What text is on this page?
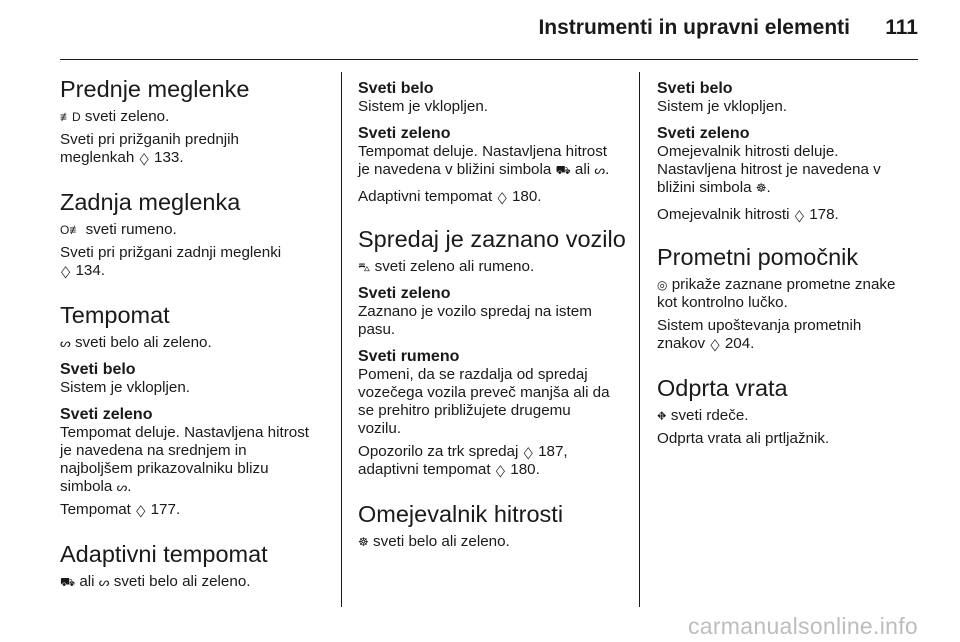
Instrumenti in upravni elementi 111
Prednje meglenke

≢D sveti zeleno.

Sveti pri prižganih prednjih
meglenkah ◇ 133.

Zadnja meglenka

O≢ sveti rumeno.

Sveti pri prižgani zadnji meglenki
◇ 134.

Tempomat

ᔕ sveti belo ali zeleno.

Sveti belo

Sistem je vklopljen.

Sveti zeleno

Tempomat deluje. Nastavljena hitrost
je navedena na srednjem in
najboljšem prikazovalniku blizu
simbola ᔕ.

Tempomat ◇ 177.

Adaptivni tempomat

⛟ ali ᔕ sveti belo ali zeleno.

Sveti belo

Sistem je vklopljen.

Sveti zeleno

Tempomat deluje. Nastavljena hitrost
je navedena v bližini simbola ⛟ ali ᔕ.

Adaptivni tempomat ◇ 180.

Spredaj je zaznano vozilo

⛍ sveti zeleno ali rumeno.

Sveti zeleno

Zaznano je vozilo spredaj na istem
pasu.

Sveti rumeno

Pomeni, da se razdalja od spredaj
vozečega vozila preveč manjša ali da
se prehitro približujete drugemu
vozilu.

Opozorilo za trk spredaj ◇ 187,
adaptivni tempomat ◇ 180.

Omejevalnik hitrosti

☸ sveti belo ali zeleno.

Sveti belo

Sistem je vklopljen.

Sveti zeleno

Omejevalnik hitrosti deluje.
Nastavljena hitrost je navedena v
bližini simbola ☸.

Omejevalnik hitrosti ◇ 178.

Prometni pomočnik

◎ prikaže zaznane prometne znake
kot kontrolno lučko.

Sistem upoštevanja prometnih
znakov ◇ 204.

Odprta vrata

⛖ sveti rdeče.

Odprta vrata ali prtljažnik.

carmanualsonline.info
